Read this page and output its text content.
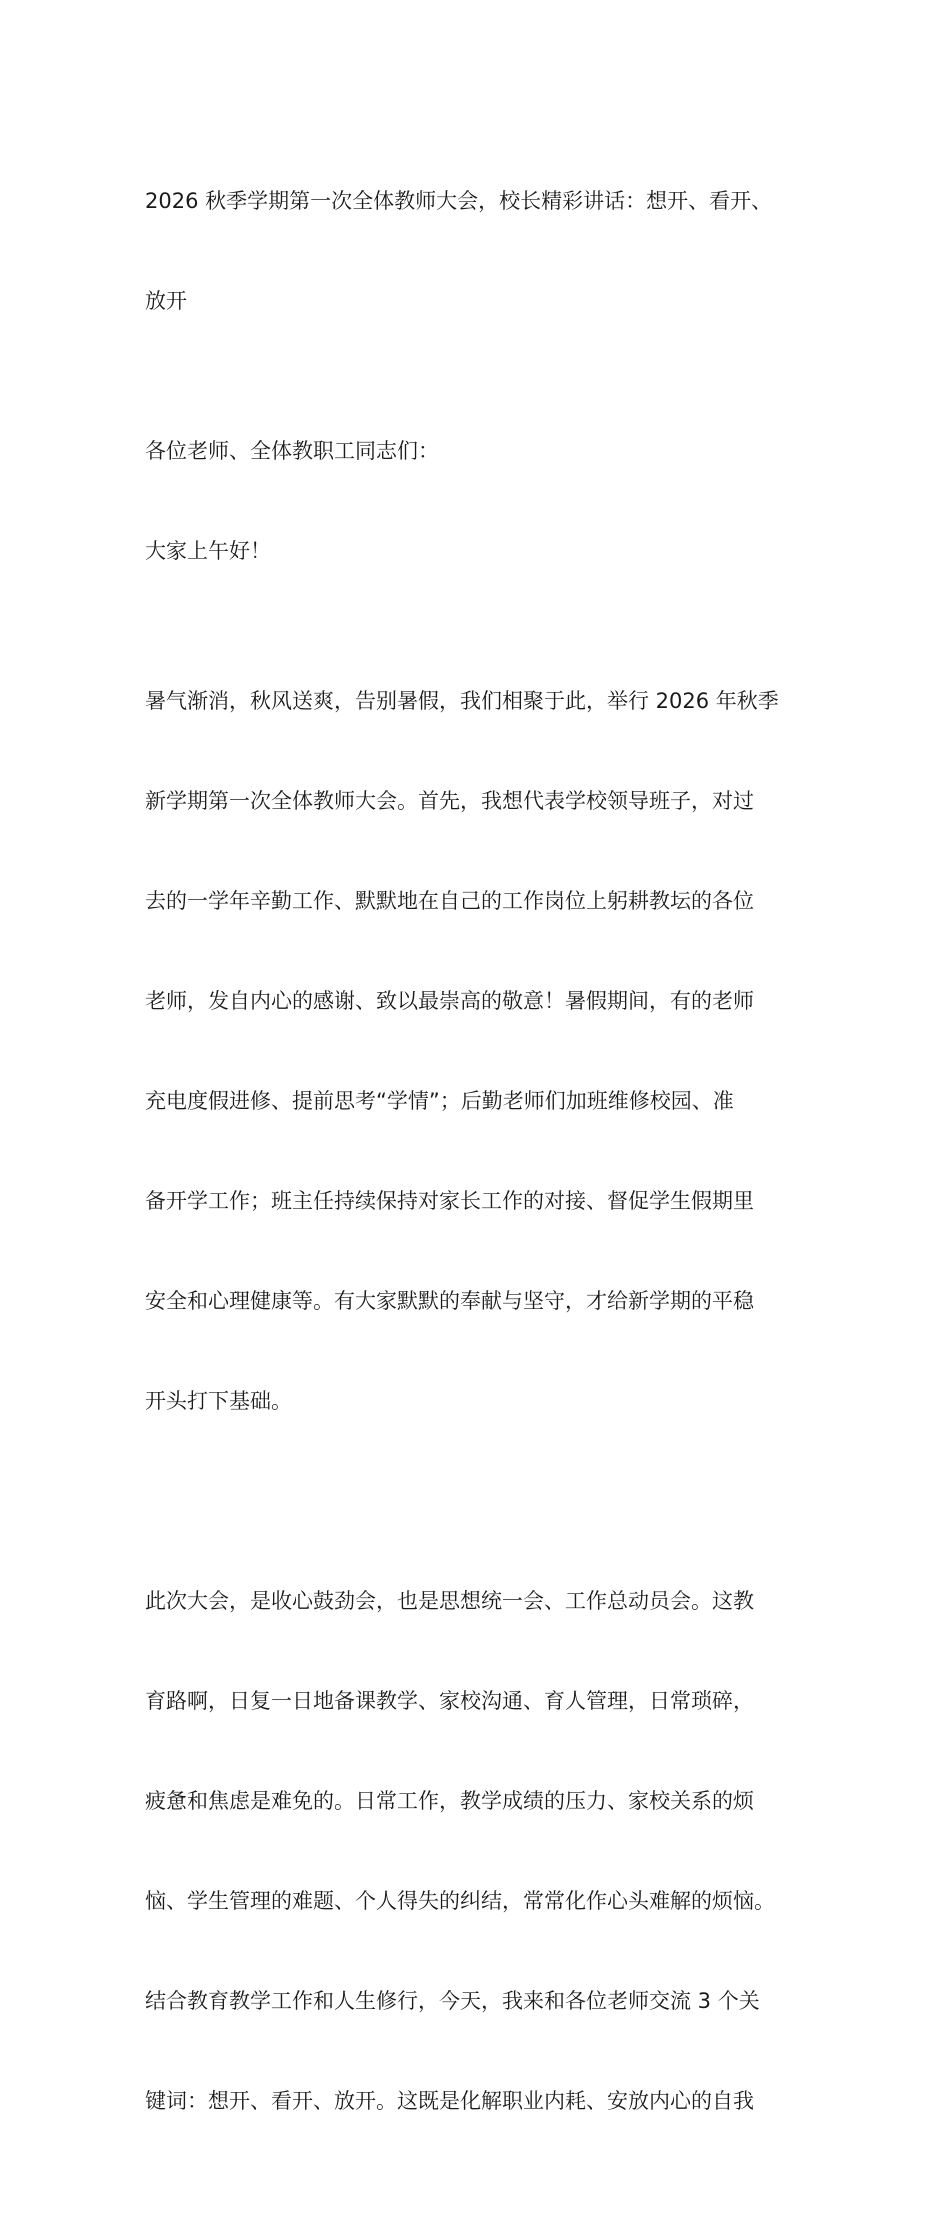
2026 秋季学期第一次全体教师大会，校长精彩讲话：想开、看开、

放开

各位老师、全体教职工同志们：
大家上午好！

暑气渐消，秋风送爽，告别暑假，我们相聚于此，举行 2026 年秋季

新学期第一次全体教师大会。首先，我想代表学校领导班子，对过

去的一学年辛勤工作、默默地在自己的工作岗位上躬耕教坛的各位

老师，发自内心的感谢、致以最崇高的敬意！暑假期间，有的老师

充电度假进修、提前思考“学情”；后勤老师们加班维修校园、准

备开学工作；班主任持续保持对家长工作的对接、督促学生假期里

安全和心理健康等。有大家默默的奉献与坚守，才给新学期的平稳

开头打下基础。

此次大会，是收心鼓劲会，也是思想统一会、工作总动员会。这教

育路啊，日复一日地备课教学、家校沟通、育人管理，日常琐碎，

疲惫和焦虑是难免的。日常工作，教学成绩的压力、家校关系的烦

恼、学生管理的难题、个人得失的纠结，常常化作心头难解的烦恼。

结合教育教学工作和人生修行，今天，我来和各位老师交流 3 个关

键词：想开、看开、放开。这既是化解职业内耗、安放内心的自我
